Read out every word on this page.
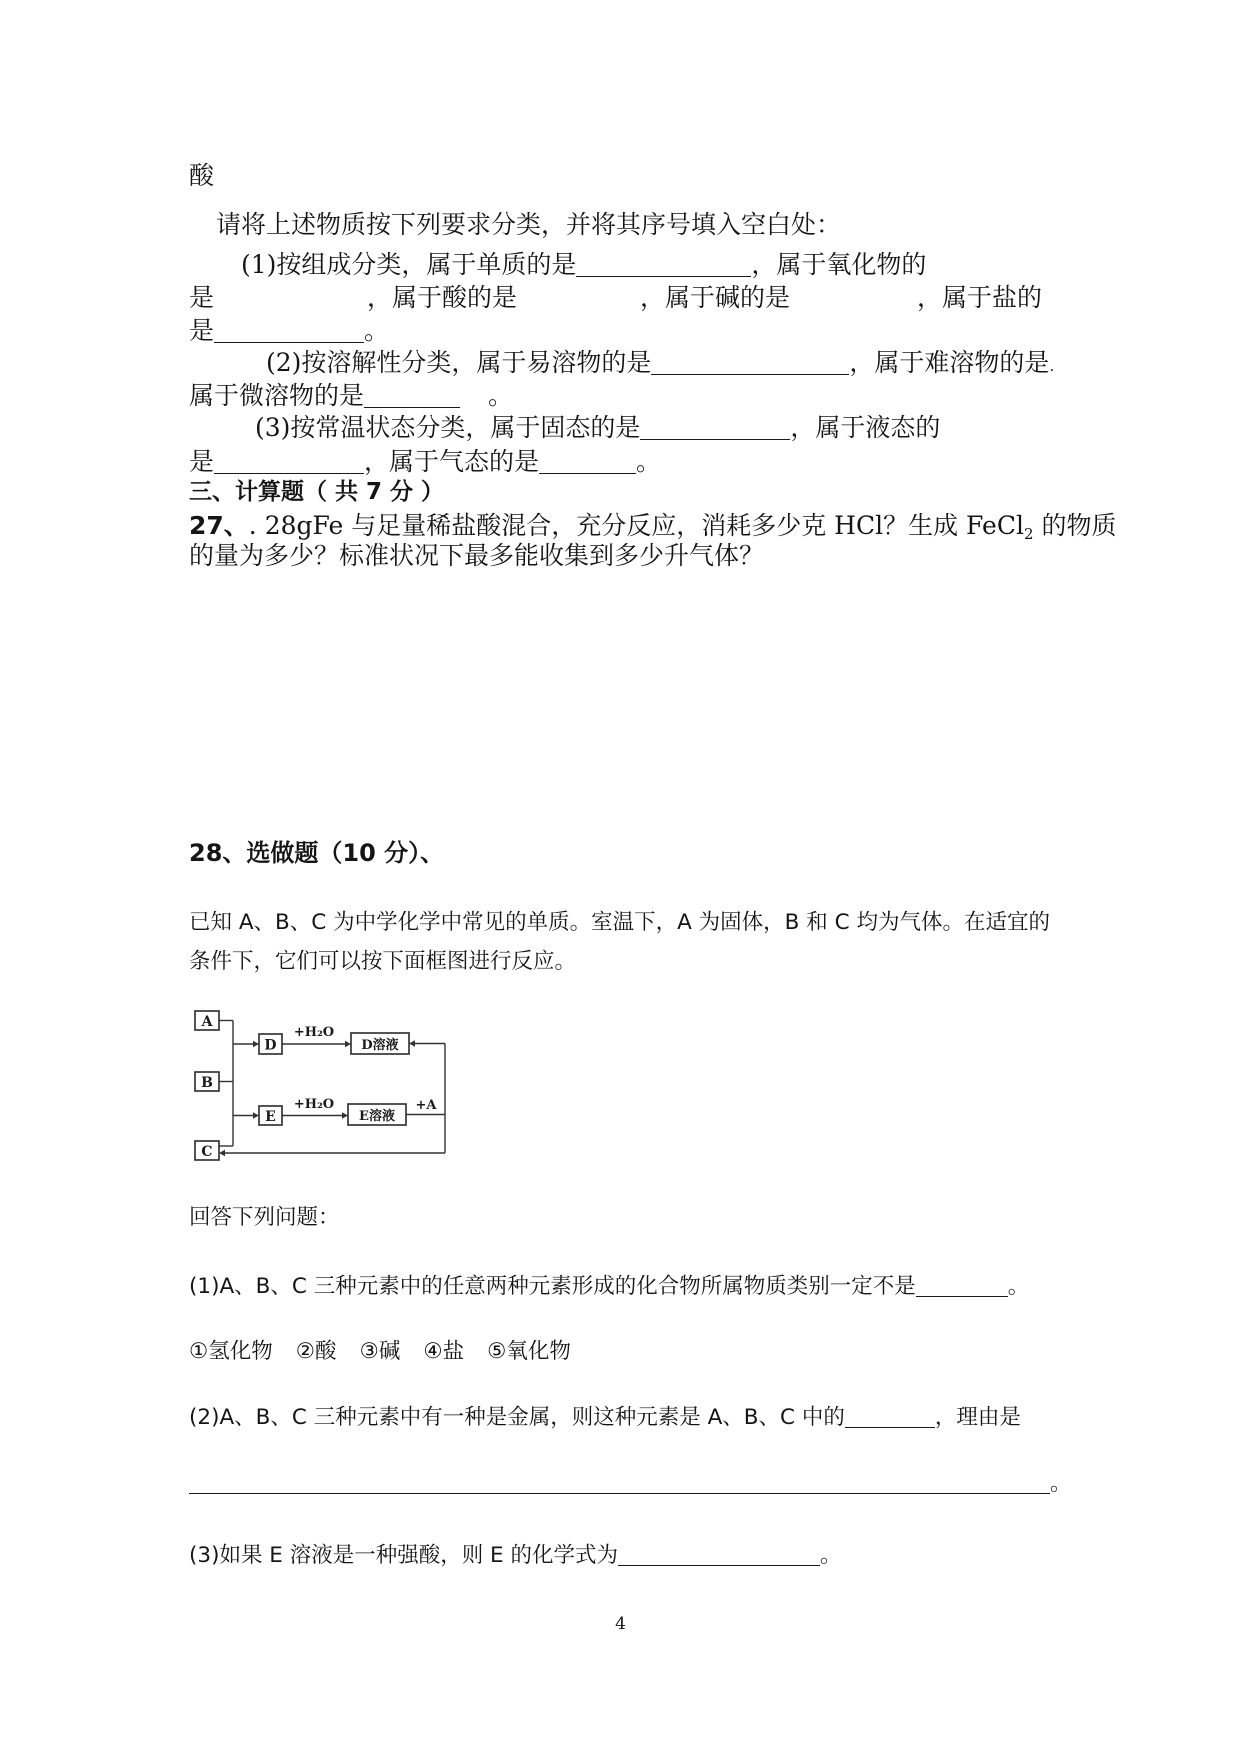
酸
请将上述物质按下列要求分类，并将其序号填入空白处：
(1)按组成分类，属于单质的是	，属于氧化物的
是	，属于酸的是	，属于碱的是	，属于盐的
是	。
(2)按溶解性分类，属于易溶物的是	，属于难溶物的是.
属于微溶物的是	。
(3)按常温状态分类，属于固态的是	，属于液态的
是	，属于气态的是	。
三、计算题（ 共 7 分 ）
27、. 28gFe 与足量稀盐酸混合，充分反应，消耗多少克 HCl？生成 FeCl$_2$ 的物质
的量为多少？标准状况下最多能收集到多少升气体？
28、选做题（10 分）、
已知 A、B、C 为中学化学中常见的单质。室温下，A 为固体，B 和 C 均为气体。在适宜的
条件下，它们可以按下面框图进行反应。
A
B
C
D	D溶液
E	E溶液
+H₂O
+H₂O	+A
回答下列问题：
(1)A、B、C 三种元素中的任意两种元素形成的化合物所属物质类别一定不是	。
①氢化物 ②酸 ③碱 ④盐 ⑤氧化物
(2)A、B、C 三种元素中有一种是金属，则这种元素是 A、B、C 中的	，理由是
。
(3)如果 E 溶液是一种强酸，则 E 的化学式为	。
4
